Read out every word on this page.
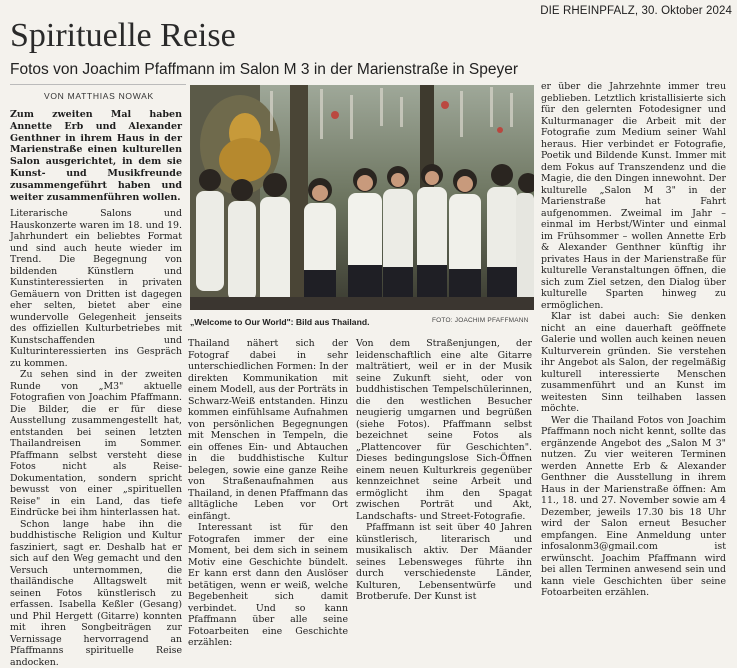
DIE RHEINPFALZ, 30. Oktober 2024
Spirituelle Reise
Fotos von Joachim Pfaffmann im Salon M 3 in der Marienstraße in Speyer
VON MATTHIAS NOWAK

Zum zweiten Mal haben Annette Erb und Alexander Genthner in ihrem Haus in der Marienstraße einen kulturellen Salon ausgerichtet, in dem sie Kunst- und Musikfreunde zusammengeführt haben und weiter zusammenführen wollen.

Literarische Salons und Hauskonzerte waren im 18. und 19. Jahrhundert ein beliebtes Format und sind auch heute wieder im Trend. Die Begegnung von bildenden Künstlern und Kunstinteressierten in privaten Gemäuern von Dritten ist dagegen eher selten, bietet aber eine wundervolle Gelegenheit jenseits des offiziellen Kulturbetriebes mit Kunstschaffenden und Kulturinteressierten ins Gespräch zu kommen.

Zu sehen sind in der zweiten Runde von „M3" aktuelle Fotografien von Joachim Pfaffmann. Die Bilder, die er für diese Ausstellung zusammengestellt hat, entstanden bei seinen letzten Thailandreisen im Sommer. Pfaffmann selbst versteht diese Fotos nicht als Reise-Dokumentation, sondern spricht bewusst von einer „spirituellen Reise" in ein Land, das tiefe Eindrücke bei ihm hinterlassen hat.

Schon lange habe ihn die buddhistische Religion und Kultur fasziniert, sagt er. Deshalb hat er sich auf den Weg gemacht und den Versuch unternommen, die thailändische Alltagswelt mit seinen Fotos künstlerisch zu erfassen. Isabella Keßler (Gesang) und Phil Hergett (Gitarre) konnten mit ihren Songbeiträgen zur Vernissage hervorragend an Pfaffmanns spirituelle Reise andocken.

„Welcome to Our World": Bild aus Thailand.	FOTO: JOACHIM PFAFFMANN

Thailand nähert sich der Fotograf dabei in sehr unterschiedlichen Formen: In der direkten Kommunikation mit einem Modell, aus der Porträts in Schwarz-Weiß entstanden. Hinzu kommen einfühlsame Aufnahmen von persönlichen Begegnungen mit Menschen in Tempeln, die ein offenes Ein- und Abtauchen in die buddhistische Kultur belegen, sowie eine ganze Reihe von Straßenaufnahmen aus Thailand, in denen Pfaffmann das alltägliche Leben vor Ort einfängt.

Interessant ist für den Fotografen immer der eine Moment, bei dem sich in seinem Motiv eine Geschichte bündelt. Er kann erst dann den Auslöser betätigen, wenn er weiß, welche Begebenheit sich damit verbindet. Und so kann Pfaffmann über alle seine Fotoarbeiten eine Geschichte erzählen:

Von dem Straßenjungen, der leidenschaftlich eine alte Gitarre malträtiert, weil er in der Musik seine Zukunft sieht, oder von buddhistischen Tempelschülerinnen, die den westlichen Besucher neugierig umgarnen und begrüßen (siehe Fotos). Pfaffmann selbst bezeichnet seine Fotos als „Plattencover für Geschichten". Dieses bedingungslose Sich-Öffnen einem neuen Kulturkreis gegenüber kennzeichnet seine Arbeit und ermöglicht ihm den Spagat zwischen Porträt und Akt, Landschafts- und Street-Fotografie.

Pfaffmann ist seit über 40 Jahren künstlerisch, literarisch und musikalisch aktiv. Der Mäander seines Lebensweges führte ihn durch verschiedenste Länder, Kulturen, Lebensentwürfe und Brotberufe. Der Kunst ist

er über die Jahrzehnte immer treu geblieben. Letztlich kristallisierte sich für den gelernten Fotodesigner und Kulturmanager die Arbeit mit der Fotografie zum Medium seiner Wahl heraus. Hier verbindet er Fotografie, Poetik und Bildende Kunst. Immer mit dem Fokus auf Transzendenz und die Magie, die den Dingen innewohnt. Der kulturelle „Salon M 3" in der Marienstraße hat Fahrt aufgenommen. Zweimal im Jahr – einmal im Herbst/Winter und einmal im Frühsommer – wollen Annette Erb & Alexander Genthner künftig ihr privates Haus in der Marienstraße für kulturelle Veranstaltungen öffnen, die sich zum Ziel setzen, den Dialog über kulturelle Sparten hinweg zu ermöglichen.

Klar ist dabei auch: Sie denken nicht an eine dauerhaft geöffnete Galerie und wollen auch keinen neuen Kulturverein gründen. Sie verstehen ihr Angebot als Salon, der regelmäßig kulturell interessierte Menschen zusammenführt und an Kunst im weitesten Sinn teilhaben lassen möchte.

Wer die Thailand Fotos von Joachim Pfaffmann noch nicht kennt, sollte das ergänzende Angebot des „Salon M 3" nutzen. Zu vier weiteren Terminen werden Annette Erb & Alexander Genthner die Ausstellung in ihrem Haus in der Marienstraße öffnen: Am 11., 18. und 27. November sowie am 4 Dezember, jeweils 17.30 bis 18 Uhr wird der Salon erneut Besucher empfangen. Eine Anmeldung unter infosalonm3@gmail.com ist erwünscht. Joachim Pfaffmann wird bei allen Terminen anwesend sein und kann viele Geschichten über seine Fotoarbeiten erzählen.
